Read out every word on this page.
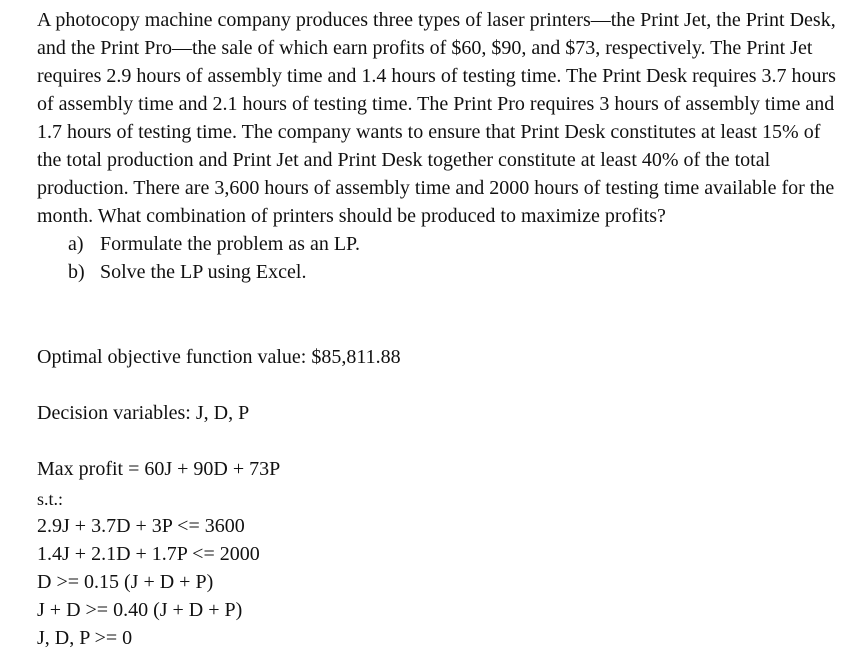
A photocopy machine company produces three types of laser printers—the Print Jet, the Print Desk, and the Print Pro—the sale of which earn profits of $60, $90, and $73, respectively. The Print Jet requires 2.9 hours of assembly time and 1.4 hours of testing time. The Print Desk requires 3.7 hours of assembly time and 2.1 hours of testing time. The Print Pro requires 3 hours of assembly time and 1.7 hours of testing time. The company wants to ensure that Print Desk constitutes at least 15% of the total production and Print Jet and Print Desk together constitute at least 40% of the total production. There are 3,600 hours of assembly time and 2000 hours of testing time available for the month. What combination of printers should be produced to maximize profits?

a) Formulate the problem as an LP.
b) Solve the LP using Excel.
Optimal objective function value: $85,811.88
Decision variables: J, D, P
Max profit = 60J + 90D + 73P
s.t.:
2.9J + 3.7D + 3P <= 3600
1.4J + 2.1D + 1.7P <= 2000
D >= 0.15 (J + D + P)
J + D >= 0.40 (J + D + P)
J, D, P >= 0
